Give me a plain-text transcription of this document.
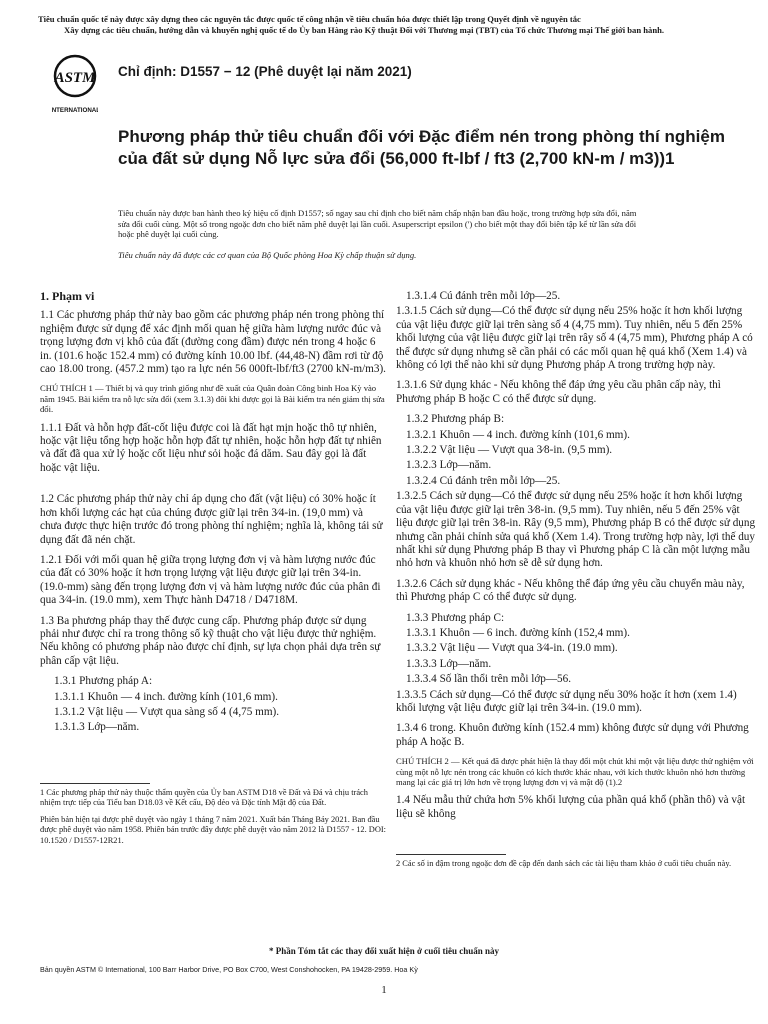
Tiêu chuẩn quốc tế này được xây dựng theo các nguyên tắc được quốc tế công nhận về tiêu chuẩn hóa được thiết lập trong Quyết định về nguyên tắc
Xây dựng các tiêu chuẩn, hướng dẫn và khuyến nghị quốc tế do Ủy ban Hàng rào Kỹ thuật Đối với Thương mại (TBT) của Tổ chức Thương mại Thế giới ban hành.
ASTM
INTERNATIONAL
Chỉ định: D1557 − 12 (Phê duyệt lại năm 2021)
Phương pháp thử tiêu chuẩn đối với Đặc điểm nén trong phòng thí nghiệm của đất sử dụng Nỗ lực sửa đổi (56,000 ft-lbf / ft3 (2,700 kN-m / m3))1
Tiêu chuẩn này được ban hành theo ký hiệu cố định D1557; số ngay sau chỉ định cho biết năm chấp nhận ban đầu hoặc, trong trường hợp sửa đổi, năm sửa đổi cuối cùng. Một số trong ngoặc đơn cho biết năm phê duyệt lại lần cuối. Asuperscript epsilon (') cho biết một thay đổi biên tập kể từ lần sửa đổi hoặc phê duyệt lại cuối cùng.
Tiêu chuẩn này đã được các cơ quan của Bộ Quốc phòng Hoa Kỳ chấp thuận sử dụng.

1. Phạm vi

1.1 Các phương pháp thử này bao gồm các phương pháp nén trong phòng thí nghiệm được sử dụng để xác định mối quan hệ giữa hàm lượng nước đúc và trọng lượng đơn vị khô của đất (đường cong đầm) được nén trong 4 hoặc 6 in. (101.6 hoặc 152.4 mm) có đường kính 10.00 lbf. (44,48-N) đầm rơi từ độ cao 18.00 trong. (457.2 mm) tạo ra lực nén 56 000ft-lbf/ft3 (2700 kN-m/m3).

CHÚ THÍCH 1 — Thiết bị và quy trình giống như đề xuất của Quân đoàn Công binh Hoa Kỳ vào năm 1945. Bài kiểm tra nỗ lực sửa đổi (xem 3.1.3) đôi khi được gọi là Bài kiểm tra nén giảm thị sửa đổi.

1.1.1 Đất và hỗn hợp đất-cốt liệu được coi là đất hạt mịn hoặc thô tự nhiên, hoặc vật liệu tổng hợp hoặc hỗn hợp đất tự nhiên, hoặc hỗn hợp đất tự nhiên và đất đã qua xử lý hoặc cốt liệu như sỏi hoặc đá dăm. Sau đây gọi là đất hoặc vật liệu.

1.2 Các phương pháp thử này chỉ áp dụng cho đất (vật liệu) có 30% hoặc ít hơn khối lượng các hạt của chúng được giữ lại trên 3⁄4-in. (19,0 mm) và chưa được thực hiện trước đó trong phòng thí nghiệm; nghĩa là, không tái sử dụng đất đã nén chặt.

1.2.1 Đối với mối quan hệ giữa trọng lượng đơn vị và hàm lượng nước đúc của đất có 30% hoặc ít hơn trọng lượng vật liệu được giữ lại trên 3⁄4-in. (19.0-mm) sàng đến trọng lượng đơn vị và hàm lượng nước đúc của phân đi qua 3⁄4-in. (19.0 mm), xem Thực hành D4718 / D4718M.

1.3 Ba phương pháp thay thế được cung cấp. Phương pháp được sử dụng phải như được chỉ ra trong thông số kỹ thuật cho vật liệu được thử nghiệm. Nếu không có phương pháp nào được chỉ định, sự lựa chọn phải dựa trên sự phân cấp vật liệu.

1.3.1 Phương pháp A:

1.3.1.1 Khuôn — 4 inch. đường kính (101,6 mm).

1.3.1.2 Vật liệu — Vượt qua sàng số 4 (4,75 mm).

1.3.1.3 Lớp—năm.

1 Các phương pháp thử này thuộc thẩm quyền của Ủy ban ASTM D18 về Đất và Đá và chịu trách nhiệm trực tiếp của Tiểu ban D18.03 về Kết cấu, Độ dẻo và Đặc tính Mật độ của Đất.

Phiên bản hiện tại được phê duyệt vào ngày 1 tháng 7 năm 2021. Xuất bản Tháng Bảy 2021. Ban đầu được phê duyệt vào năm 1958. Phiên bản trước đây được phê duyệt vào năm 2012 là D1557 - 12. DOI: 10.1520 / D1557-12R21.

1.3.1.4 Cú đánh trên mỗi lớp—25.

1.3.1.5 Cách sử dụng—Có thể được sử dụng nếu 25% hoặc ít hơn khối lượng của vật liệu được giữ lại trên sàng số 4 (4,75 mm). Tuy nhiên, nếu 5 đến 25% khối lượng của vật liệu được giữ lại trên rây số 4 (4,75 mm), Phương pháp A có thể được sử dụng nhưng sẽ cần phải có các mối quan hệ quá khổ (Xem 1.4) và không có lợi thế nào khi sử dụng Phương pháp A trong trường hợp này.

1.3.1.6 Sử dụng khác - Nếu không thể đáp ứng yêu cầu phân cấp này, thì Phương pháp B hoặc C có thể được sử dụng.

1.3.2 Phương pháp B:

1.3.2.1 Khuôn — 4 inch. đường kính (101,6 mm).

1.3.2.2 Vật liệu — Vượt qua 3⁄8-in. (9,5 mm).

1.3.2.3 Lớp—năm.

1.3.2.4 Cú đánh trên mỗi lớp—25.

1.3.2.5 Cách sử dụng—Có thể được sử dụng nếu 25% hoặc ít hơn khối lượng của vật liệu được giữ lại trên 3⁄8-in. (9,5 mm). Tuy nhiên, nếu 5 đến 25% vật liệu được giữ lại trên 3⁄8-in. Rây (9,5 mm), Phương pháp B có thể được sử dụng nhưng cần phải chỉnh sửa quá khổ (Xem 1.4). Trong trường hợp này, lợi thế duy nhất khi sử dụng Phương pháp B thay vì Phương pháp C là cần một lượng mẫu nhỏ hơn và khuôn nhỏ hơn sẽ dễ sử dụng hơn.

1.3.2.6 Cách sử dụng khác - Nếu không thể đáp ứng yêu cầu chuyển màu này, thì Phương pháp C có thể được sử dụng.

1.3.3 Phương pháp C:

1.3.3.1 Khuôn — 6 inch. đường kính (152,4 mm).

1.3.3.2 Vật liệu — Vượt qua 3⁄4-in. (19.0 mm).

1.3.3.3 Lớp—năm.

1.3.3.4 Số lần thổi trên mỗi lớp—56.

1.3.3.5 Cách sử dụng—Có thể được sử dụng nếu 30% hoặc ít hơn (xem 1.4) khối lượng vật liệu được giữ lại trên 3⁄4-in. (19.0 mm).

1.3.4 6 trong. Khuôn đường kính (152.4 mm) không được sử dụng với Phương pháp A hoặc B.

CHÚ THÍCH 2 — Kết quả đã được phát hiện là thay đổi một chút khi một vật liệu được thử nghiệm với cùng một nỗ lực nén trong các khuôn có kích thước khác nhau, với kích thước khuôn nhỏ hơn thường mang lại các giá trị lớn hơn về trọng lượng đơn vị và mật độ (1).2

1.4 Nếu mẫu thử chứa hơn 5% khối lượng của phần quá khổ (phần thô) và vật liệu sẽ không

2 Các số in đậm trong ngoặc đơn đề cập đến danh sách các tài liệu tham khảo ở cuối tiêu chuẩn này.

* Phần Tóm tắt các thay đổi xuất hiện ở cuối tiêu chuẩn này
Bản quyền ASTM © International, 100 Barr Harbor Drive, PO Box C700, West Conshohocken, PA 19428-2959. Hoa Kỳ
1
